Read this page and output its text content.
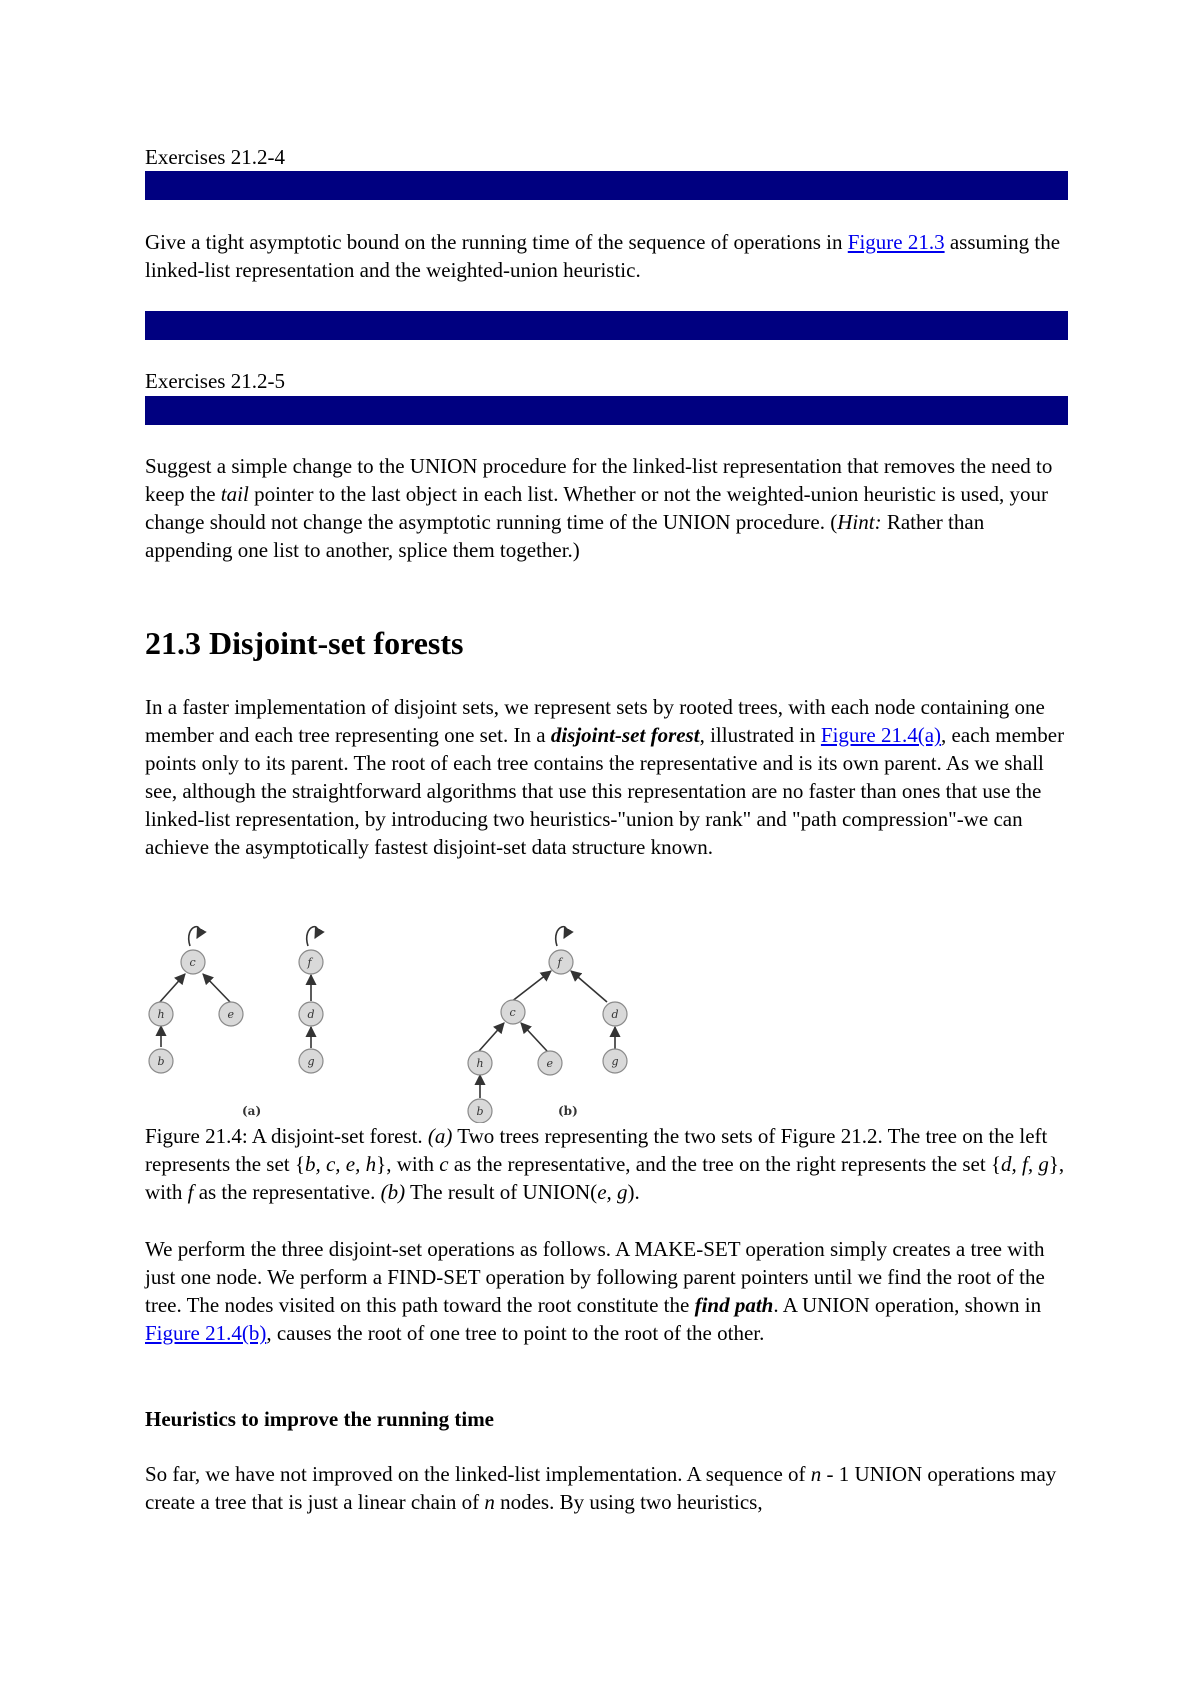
Exercises 21.2-4

Give a tight asymptotic bound on the running time of the sequence of operations in Figure 21.3 assuming the linked-list representation and the weighted-union heuristic.

Exercises 21.2-5

Suggest a simple change to the UNION procedure for the linked-list representation that removes the need to keep the tail pointer to the last object in each list. Whether or not the weighted-union heuristic is used, your change should not change the asymptotic running time of the UNION procedure. (Hint: Rather than appending one list to another, splice them together.)

21.3 Disjoint-set forests

In a faster implementation of disjoint sets, we represent sets by rooted trees, with each node containing one member and each tree representing one set. In a disjoint-set forest, illustrated in Figure 21.4(a), each member points only to its parent. The root of each tree contains the representative and is its own parent. As we shall see, although the straightforward algorithms that use this representation are no faster than ones that use the linked-list representation, by introducing two heuristics-"union by rank" and "path compression"-we can achieve the asymptotically fastest disjoint-set data structure known.

c
h	e
b
f
d
g
(a)
f
c	d
h	e	g
b	(b)

Figure 21.4: A disjoint-set forest. (a) Two trees representing the two sets of Figure 21.2. The tree on the left represents the set {b, c, e, h}, with c as the representative, and the tree on the right represents the set {d, f, g}, with f as the representative. (b) The result of UNION(e, g).

We perform the three disjoint-set operations as follows. A MAKE-SET operation simply creates a tree with just one node. We perform a FIND-SET operation by following parent pointers until we find the root of the tree. The nodes visited on this path toward the root constitute the find path. A UNION operation, shown in Figure 21.4(b), causes the root of one tree to point to the root of the other.

Heuristics to improve the running time

So far, we have not improved on the linked-list implementation. A sequence of n - 1 UNION operations may create a tree that is just a linear chain of n nodes. By using two heuristics,
